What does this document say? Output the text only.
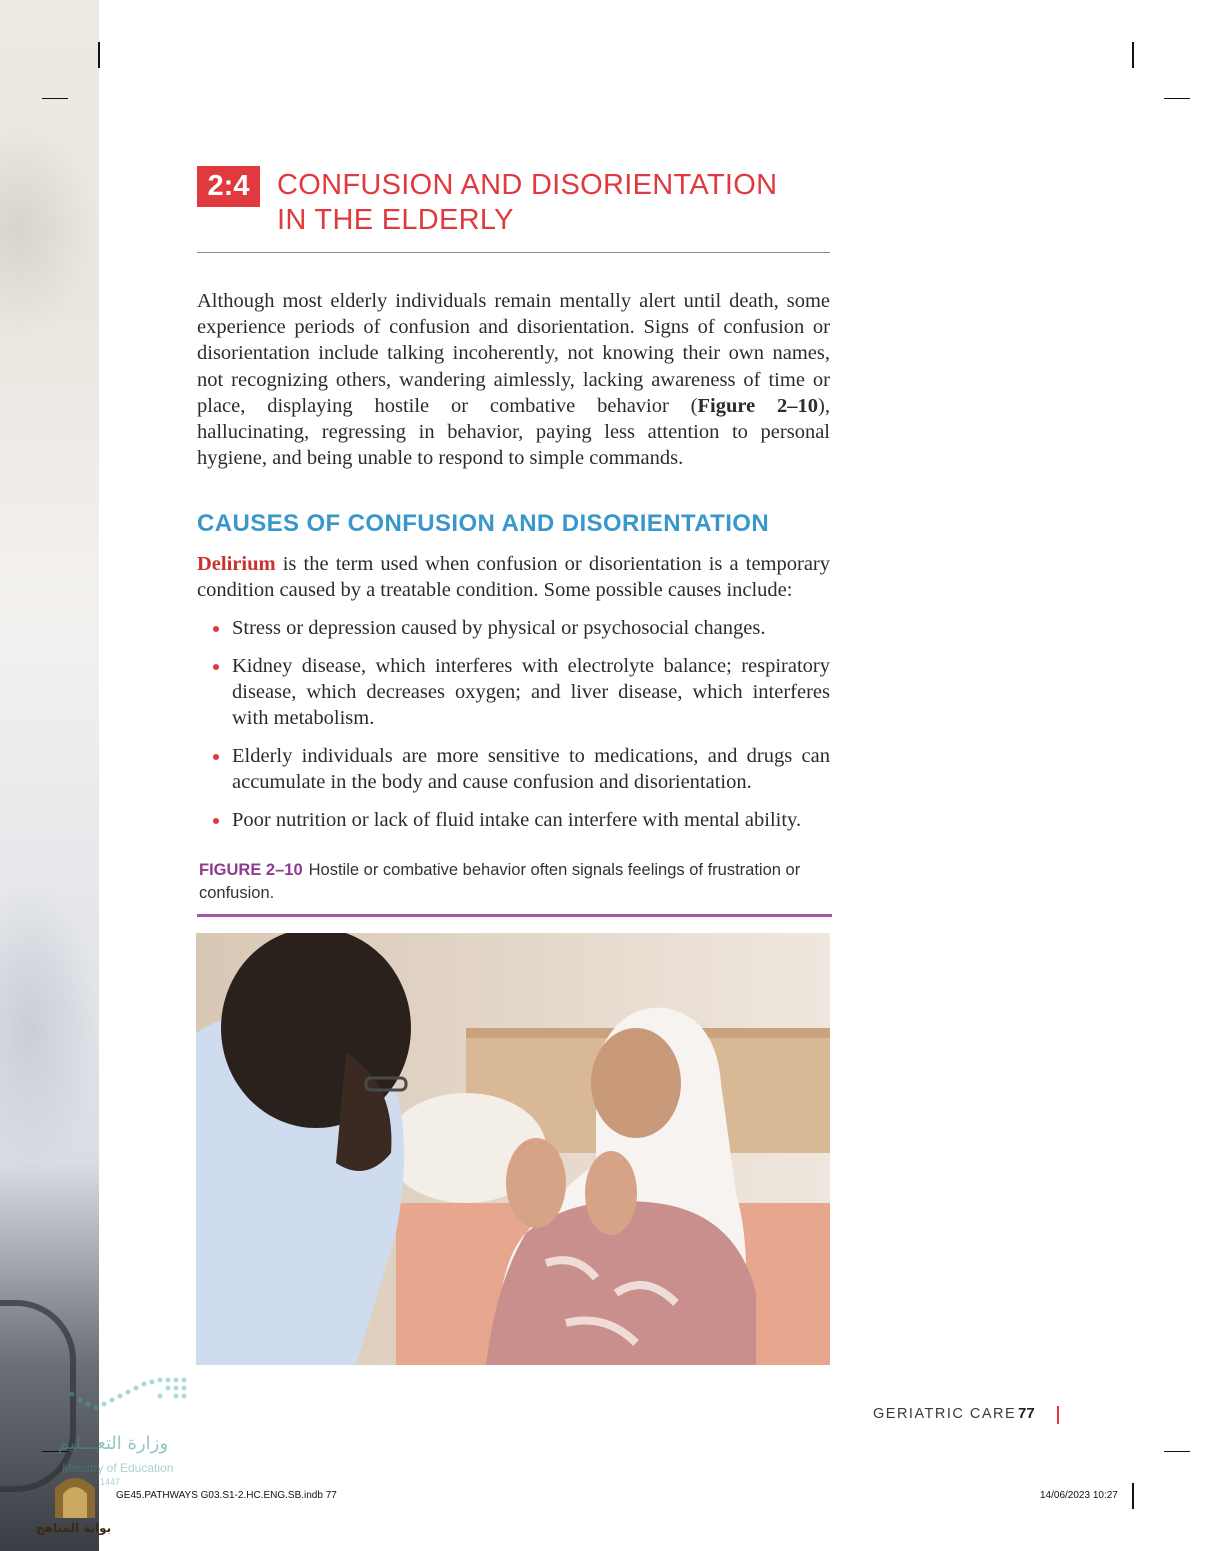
2:4 CONFUSION AND DISORIENTATION
IN THE ELDERLY
Although most elderly individuals remain mentally alert until death, some experience periods of confusion and disorientation. Signs of confusion or disorientation include talking incoherently, not knowing their own names, not recognizing others, wandering aimlessly, lacking awareness of time or place, displaying hostile or combative behavior (Figure 2–10), hallucinating, regressing in behavior, paying less attention to personal hygiene, and being unable to respond to simple commands.
CAUSES OF CONFUSION AND DISORIENTATION
Delirium is the term used when confusion or disorientation is a temporary condition caused by a treatable condition. Some possible causes include:
Stress or depression caused by physical or psychosocial changes.
Kidney disease, which interferes with electrolyte balance; respiratory disease, which decreases oxygen; and liver disease, which interferes with metabolism.
Elderly individuals are more sensitive to medications, and drugs can accumulate in the body and cause confusion and disorientation.
Poor nutrition or lack of fluid intake can interfere with mental ability.
FIGURE 2–10 Hostile or combative behavior often signals feelings of frustration or confusion.
GERIATRIC CARE 77
وزارة التعـــليم
Ministry of Education
1447
بوابة المناهج
GE45.PATHWAYS G03.S1-2.HC.ENG.SB.indb 77	14/06/2023 10:27
